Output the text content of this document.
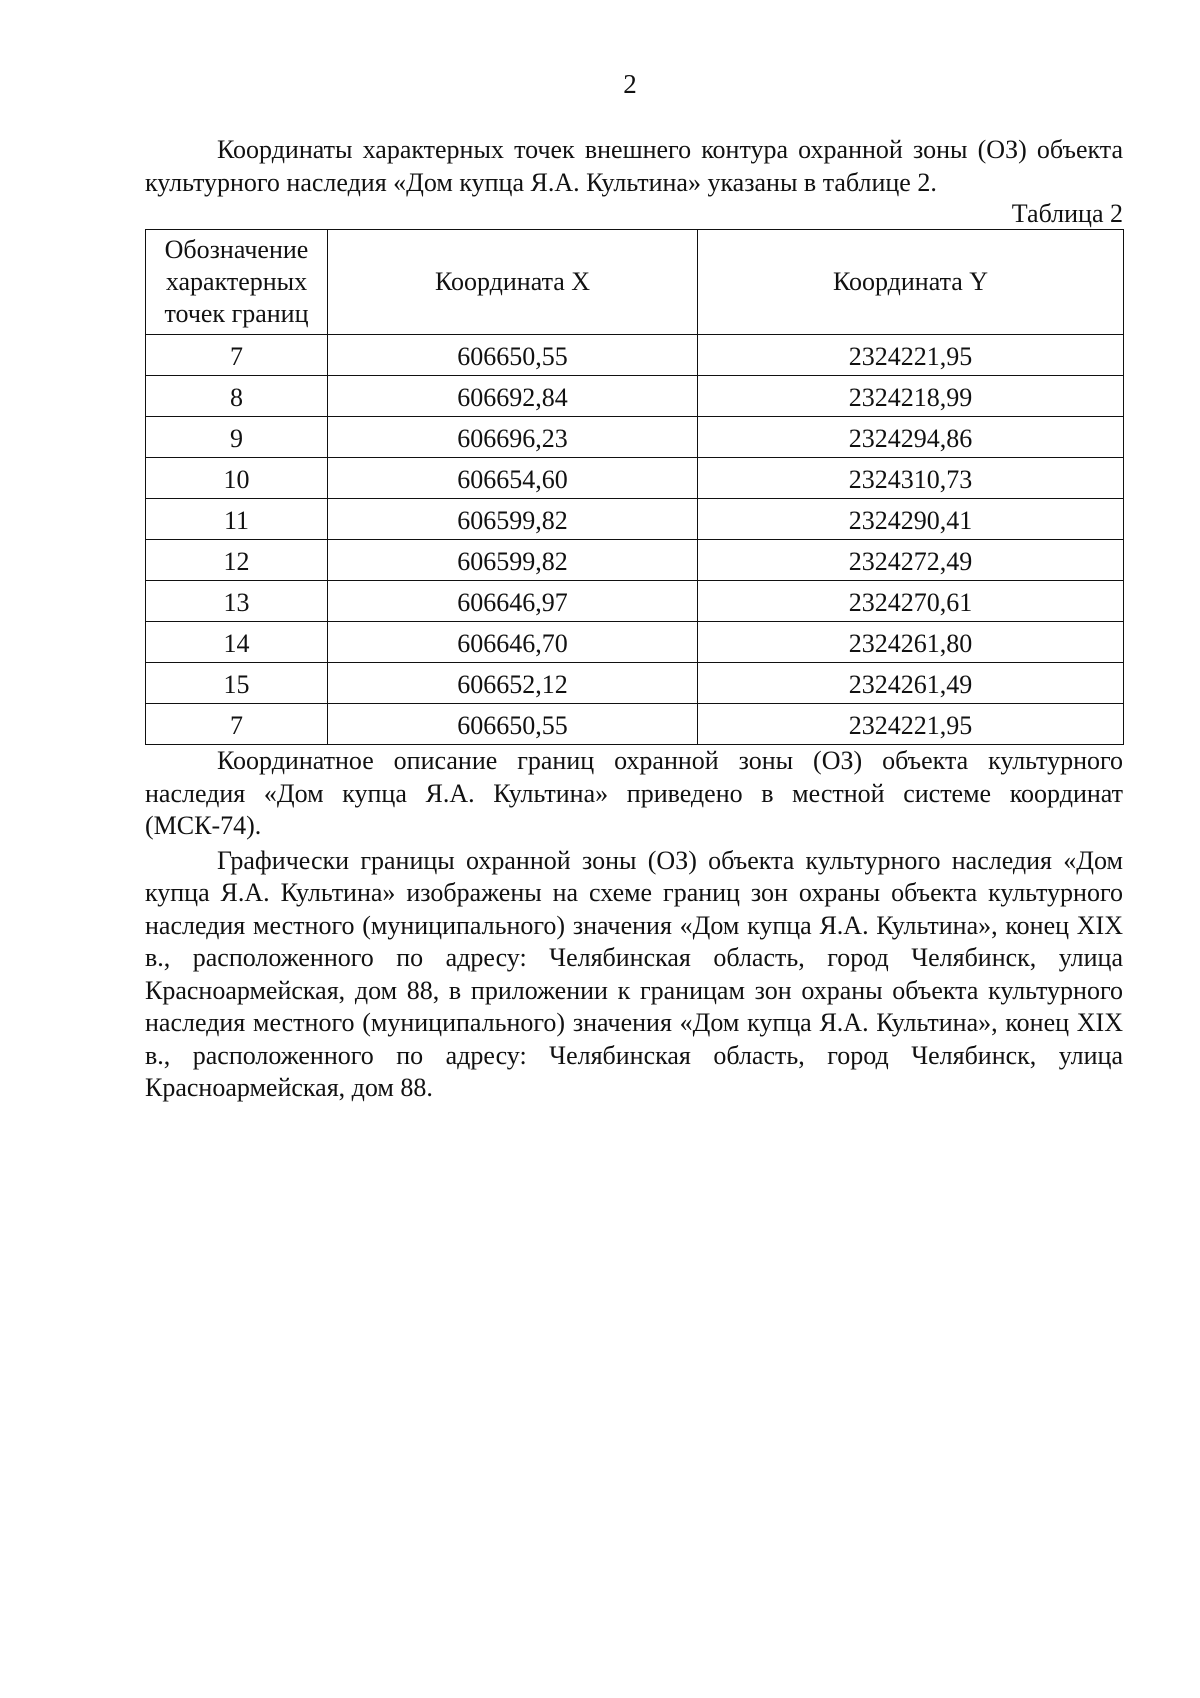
2

Координаты характерных точек внешнего контура охранной зоны (ОЗ) объекта культурного наследия «Дом купца Я.А. Культина» указаны в таблице 2.

Таблица 2
Обозначение характерных точек границ	Координата X	Координата Y
7	606650,55	2324221,95
8	606692,84	2324218,99
9	606696,23	2324294,86
10	606654,60	2324310,73
11	606599,82	2324290,41
12	606599,82	2324272,49
13	606646,97	2324270,61
14	606646,70	2324261,80
15	606652,12	2324261,49
7	606650,55	2324221,95

Координатное описание границ охранной зоны (ОЗ) объекта культурного наследия «Дом купца Я.А. Культина» приведено в местной системе координат (МСК-74).

Графически границы охранной зоны (ОЗ) объекта культурного наследия «Дом купца Я.А. Культина» изображены на схеме границ зон охраны объекта культурного наследия местного (муниципального) значения «Дом купца Я.А. Культина», конец XIX в., расположенного по адресу: Челябинская область, город Челябинск, улица Красноармейская, дом 88, в приложении к границам зон охраны объекта культурного наследия местного (муниципального) значения «Дом купца Я.А. Культина», конец XIX в., расположенного по адресу: Челябинская область, город Челябинск, улица Красноармейская, дом 88.
